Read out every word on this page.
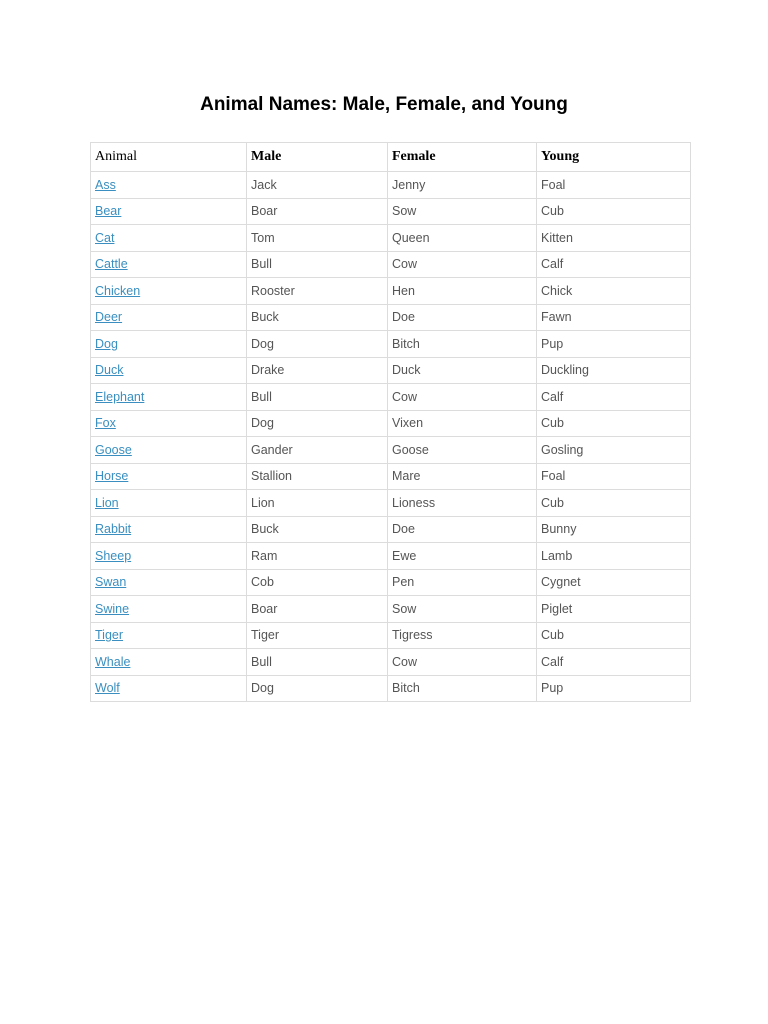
Animal Names: Male, Female, and Young
Animal	Male	Female	Young
Ass	Jack	Jenny	Foal
Bear	Boar	Sow	Cub
Cat	Tom	Queen	Kitten
Cattle	Bull	Cow	Calf
Chicken	Rooster	Hen	Chick
Deer	Buck	Doe	Fawn
Dog	Dog	Bitch	Pup
Duck	Drake	Duck	Duckling
Elephant	Bull	Cow	Calf
Fox	Dog	Vixen	Cub
Goose	Gander	Goose	Gosling
Horse	Stallion	Mare	Foal
Lion	Lion	Lioness	Cub
Rabbit	Buck	Doe	Bunny
Sheep	Ram	Ewe	Lamb
Swan	Cob	Pen	Cygnet
Swine	Boar	Sow	Piglet
Tiger	Tiger	Tigress	Cub
Whale	Bull	Cow	Calf
Wolf	Dog	Bitch	Pup
